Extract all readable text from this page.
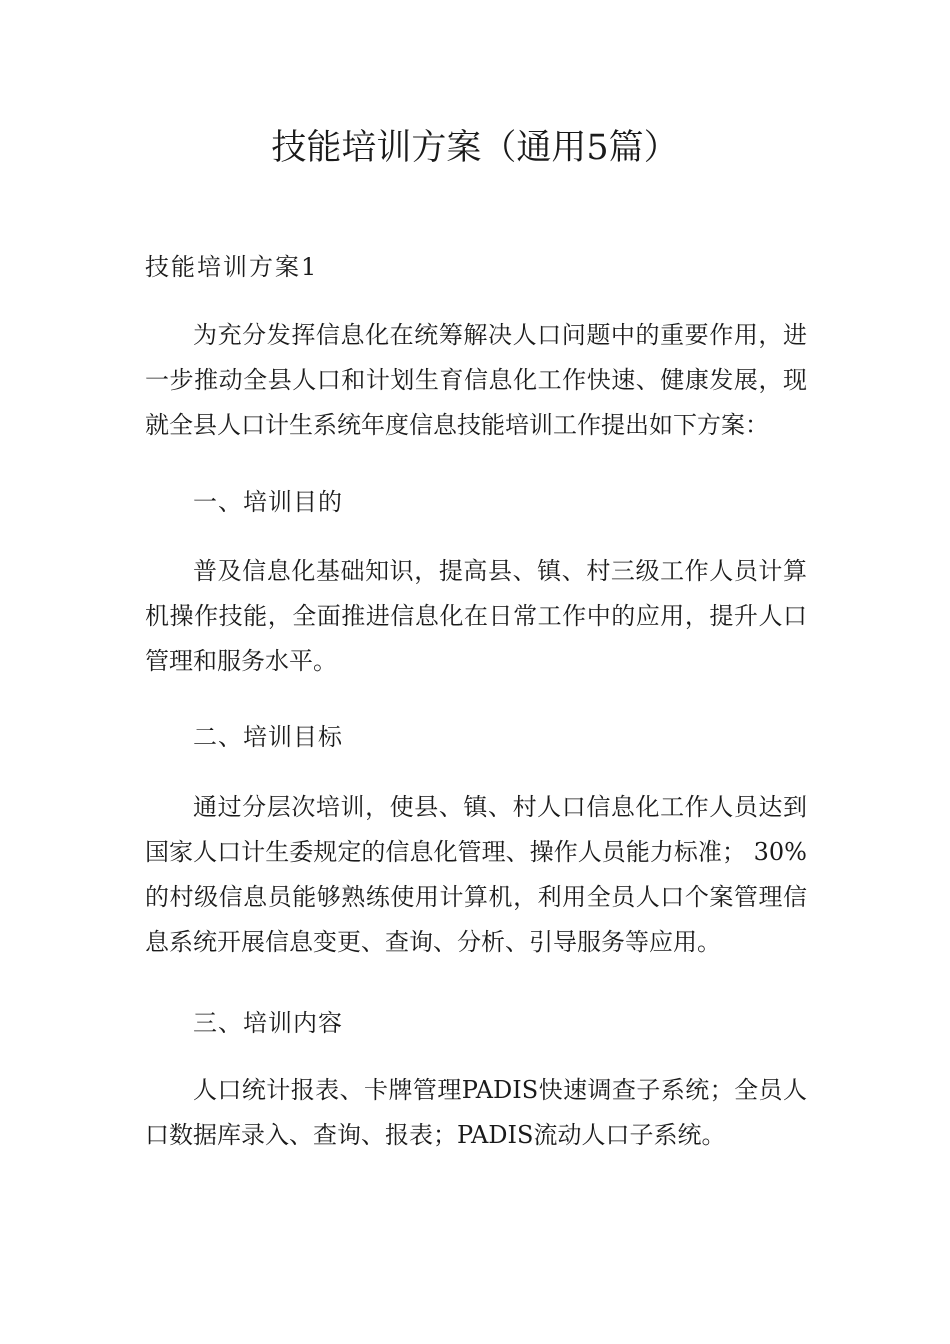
技能培训方案（通用5篇）
技能培训方案1

为充分发挥信息化在统筹解决人口问题中的重要作用，进一步推动全县人口和计划生育信息化工作快速、健康发展，现就全县人口计生系统年度信息技能培训工作提出如下方案：

一、培训目的

普及信息化基础知识，提高县、镇、村三级工作人员计算机操作技能，全面推进信息化在日常工作中的应用，提升人口管理和服务水平。

二、培训目标

通过分层次培训，使县、镇、村人口信息化工作人员达到国家人口计生委规定的信息化管理、操作人员能力标准； 30%的村级信息员能够熟练使用计算机，利用全员人口个案管理信息系统开展信息变更、查询、分析、引导服务等应用。

三、培训内容

人口统计报表、卡牌管理PADIS快速调查子系统；全员人口数据库录入、查询、报表；PADIS流动人口子系统。
